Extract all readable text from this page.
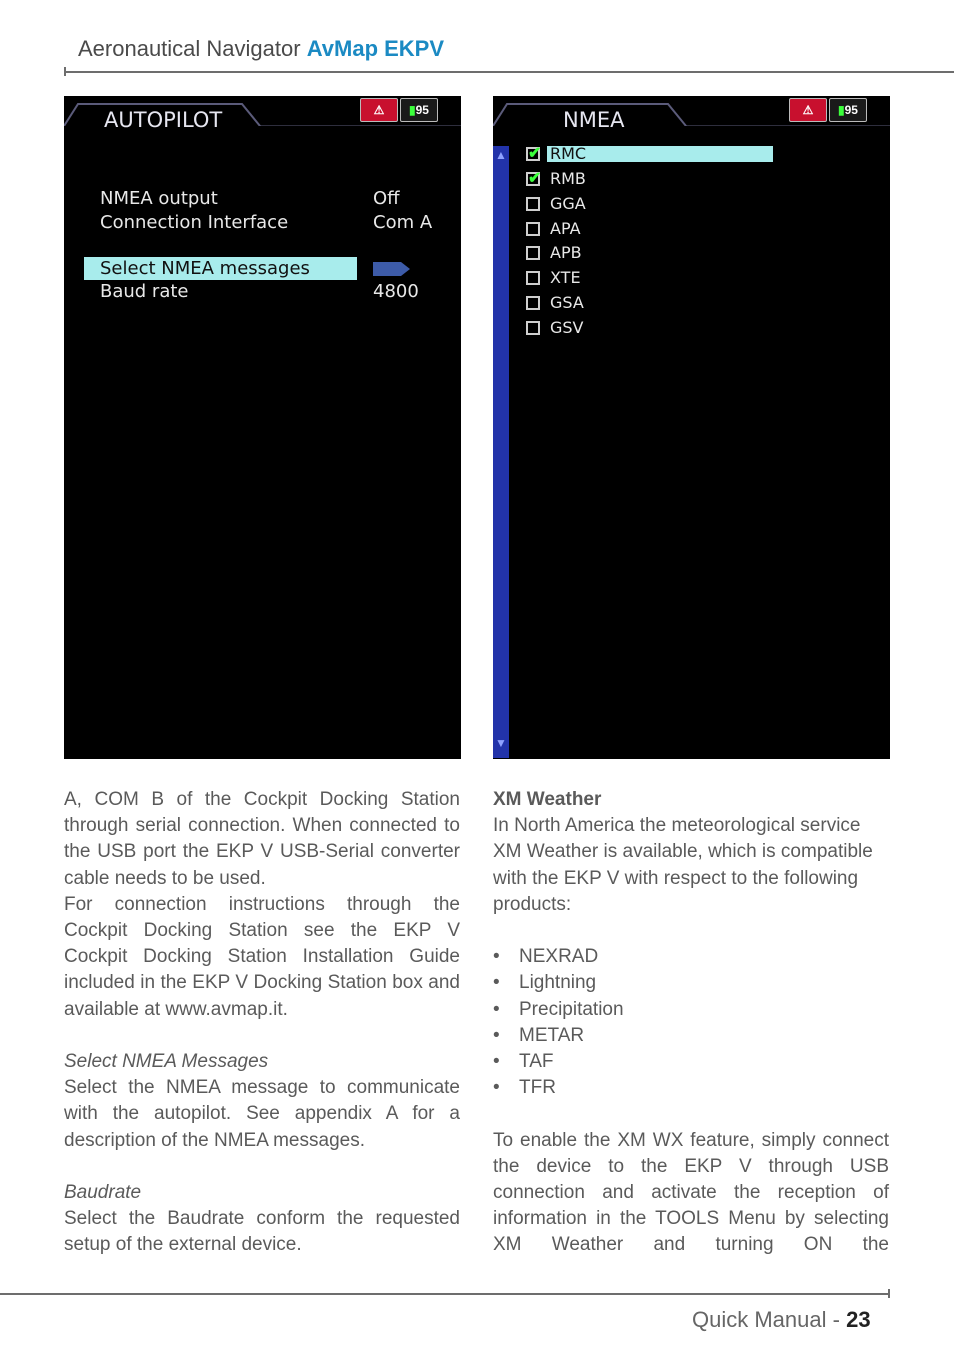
Aeronautical Navigator AvMap EKPV
AUTOPILOT	⚠	▮ 95
NMEA output	Off
Connection Interface	Com A
Select NMEA messages
Baud rate	4800
NMEA	⚠	▮ 95
▲
▼
✔
RMC
✔
RMB
GGA
APA
APB
XTE
GSA
GSV

A, COM B of the Cockpit Docking Station through serial connection. When connected to the USB port the EKP V USB-Serial converter cable needs to be used.

For connection instructions through the Cockpit Docking Station see the EKP V Cockpit Docking Station Installation Guide included in the EKP V Docking Station box and available at www.avmap.it.

Select NMEA Messages

Select the NMEA message to communicate with the autopilot. See appendix A for a description of the NMEA messages.

Baudrate

Select the Baudrate conform the requested setup of the external device.

XM Weather

In North America the meteorological service XM Weather is available, which is compatible with the EKP V with respect to the following products:

• NEXRAD
• Lightning
• Precipitation
• METAR
• TAF
• TFR

To enable the XM WX feature, simply connect the device to the EKP V through USB connection and activate the reception of information in the TOOLS Menu by selecting XM Weather and turning ON the

Quick Manual - 23
